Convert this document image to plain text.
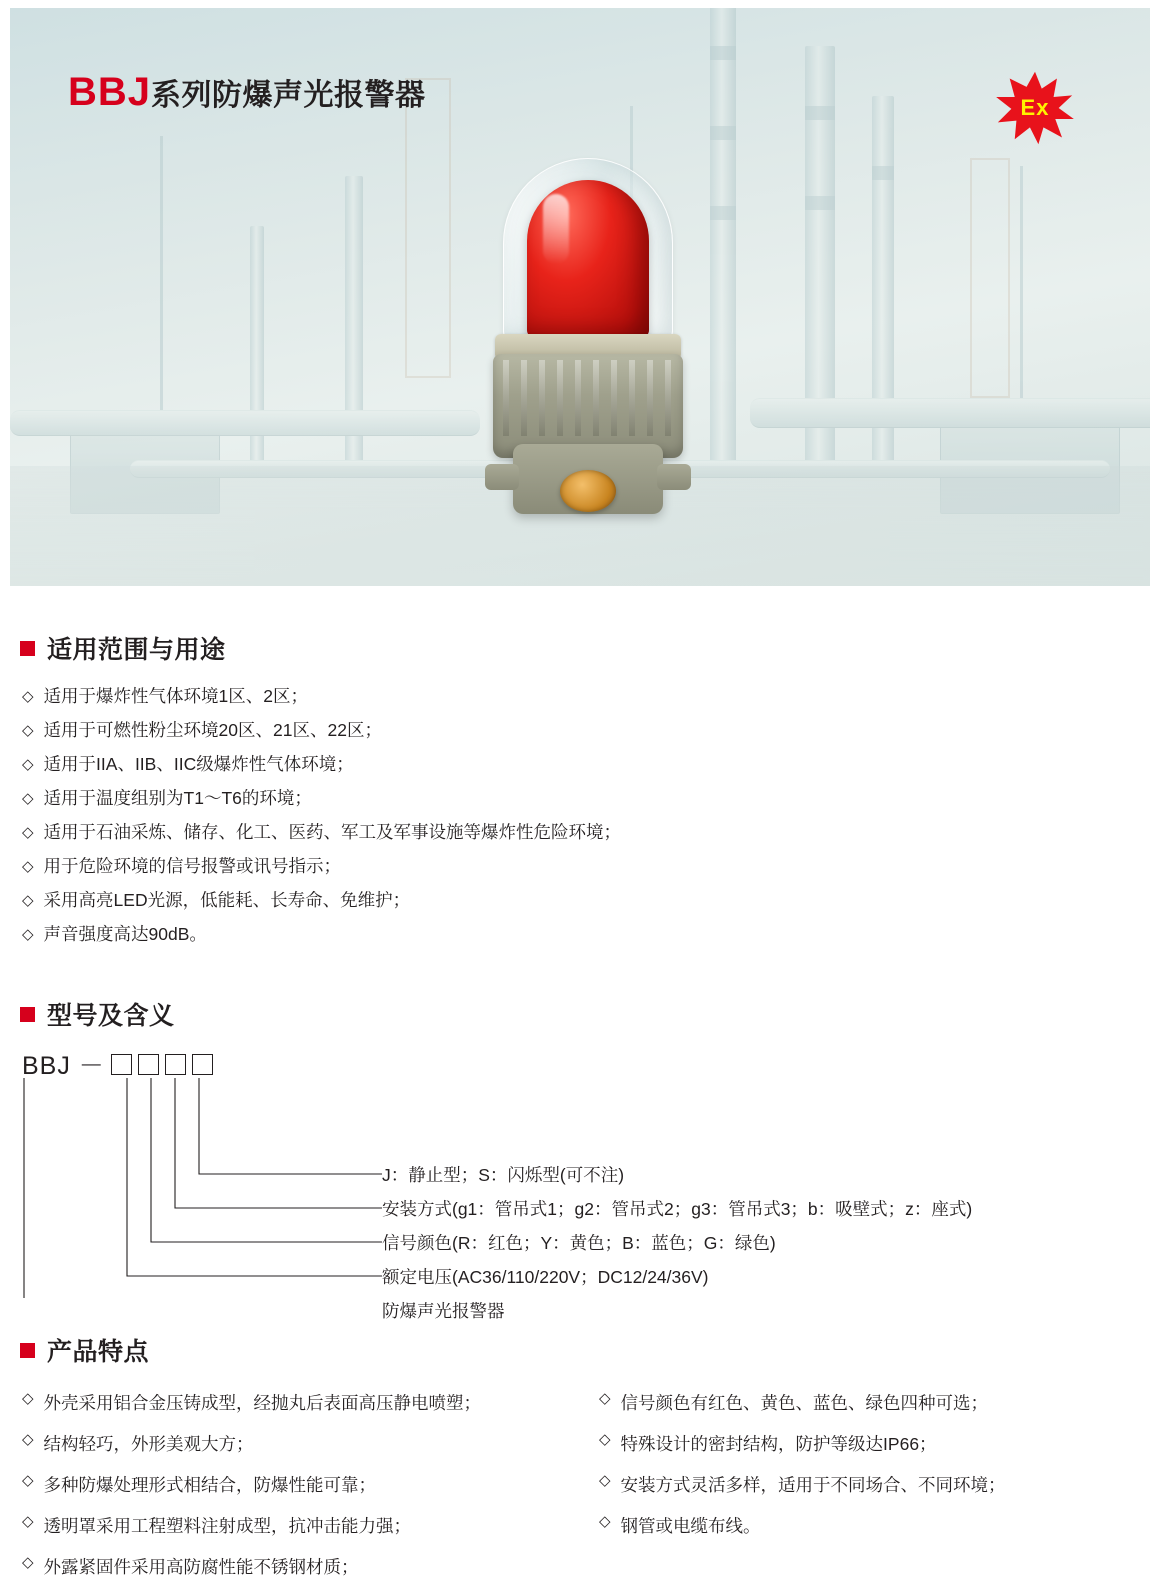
BBJ系列防爆声光报警器	Ex
适用范围与用途
◇ 适用于爆炸性气体环境1区、2区；
◇ 适用于可燃性粉尘环境20区、21区、22区；
◇ 适用于IIA、IIB、IIC级爆炸性气体环境；
◇ 适用于温度组别为T1～T6的环境；
◇ 适用于石油采炼、储存、化工、医药、军工及军事设施等爆炸性危险环境；
◇ 用于危险环境的信号报警或讯号指示；
◇ 采用高亮LED光源，低能耗、长寿命、免维护；
◇ 声音强度高达90dB。
型号及含义
BBJ －
J：静止型；S：闪烁型(可不注)
安装方式(g1：管吊式1；g2：管吊式2；g3：管吊式3；b：吸壁式；z：座式)
信号颜色(R：红色；Y：黄色；B：蓝色；G：绿色)
额定电压(AC36/110/220V；DC12/24/36V)
防爆声光报警器
产品特点
◇ 外壳采用铝合金压铸成型，经抛丸后表面高压静电喷塑；
◇ 结构轻巧，外形美观大方；
◇ 多种防爆处理形式相结合，防爆性能可靠；
◇ 透明罩采用工程塑料注射成型，抗冲击能力强；
◇ 外露紧固件采用高防腐性能不锈钢材质；
◇ 信号颜色有红色、黄色、蓝色、绿色四种可选；
◇ 特殊设计的密封结构，防护等级达IP66；
◇ 安装方式灵活多样，适用于不同场合、不同环境；
◇ 钢管或电缆布线。
